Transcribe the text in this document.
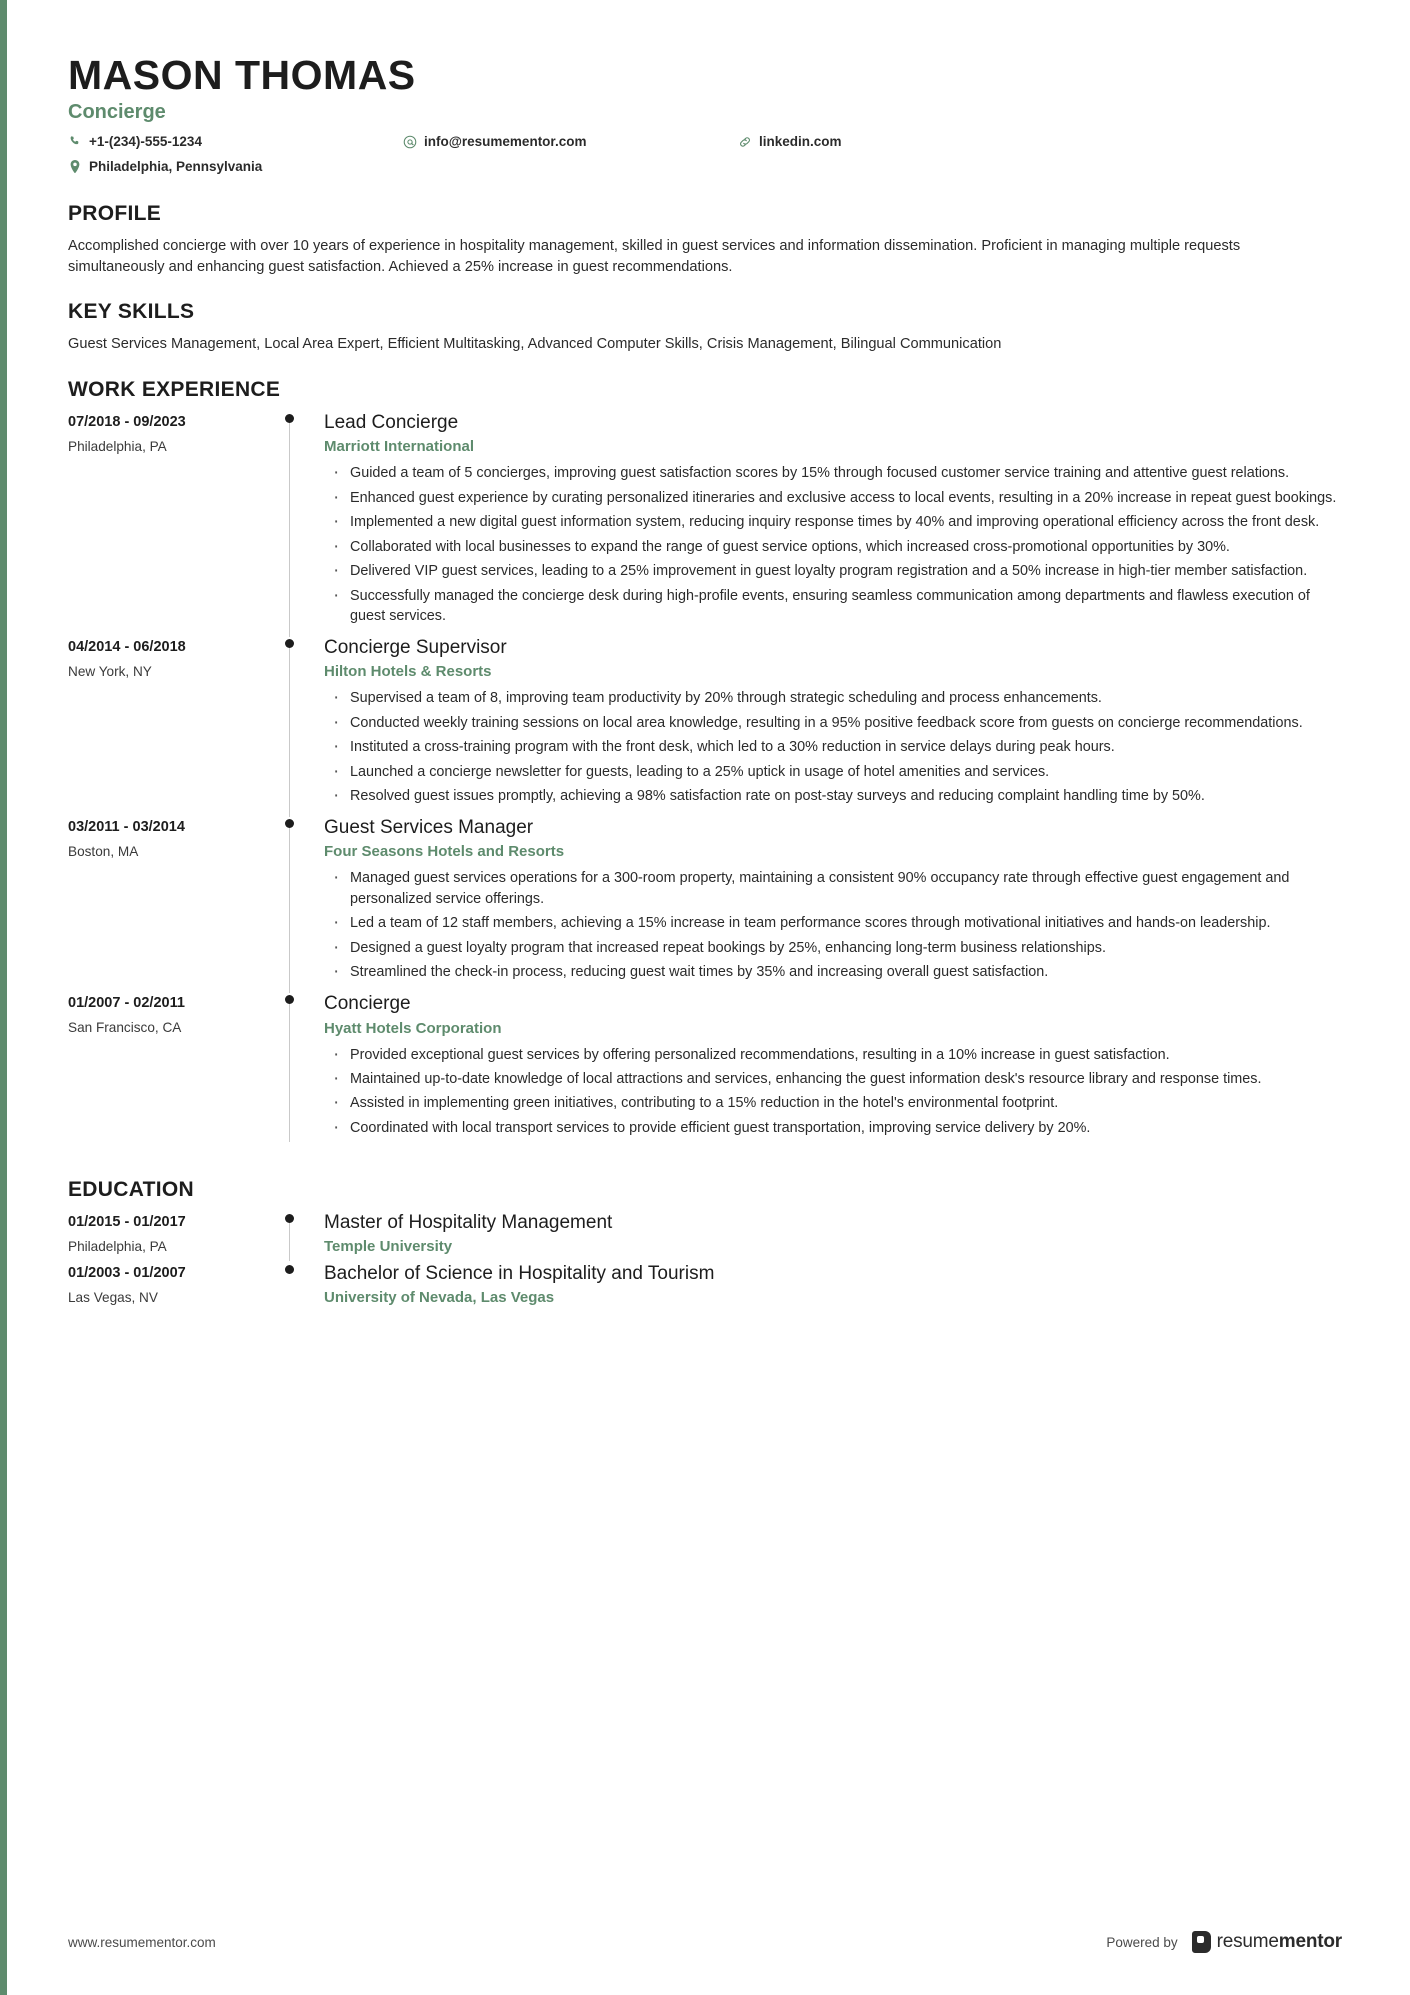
MASON THOMAS
Concierge
+1-(234)-555-1234	info@resumementor.com	linkedin.com
Philadelphia, Pennsylvania
PROFILE

Accomplished concierge with over 10 years of experience in hospitality management, skilled in guest services and information dissemination. Proficient in managing multiple requests simultaneously and enhancing guest satisfaction. Achieved a 25% increase in guest recommendations.

KEY SKILLS

Guest Services Management, Local Area Expert, Efficient Multitasking, Advanced Computer Skills, Crisis Management, Bilingual Communication

WORK EXPERIENCE
07/2018 - 09/2023
Philadelphia, PA
Lead Concierge
Marriott International
· Guided a team of 5 concierges, improving guest satisfaction scores by 15% through focused customer service training and attentive guest relations.
· Enhanced guest experience by curating personalized itineraries and exclusive access to local events, resulting in a 20% increase in repeat guest bookings.
· Implemented a new digital guest information system, reducing inquiry response times by 40% and improving operational efficiency across the front desk.
· Collaborated with local businesses to expand the range of guest service options, which increased cross-promotional opportunities by 30%.
· Delivered VIP guest services, leading to a 25% improvement in guest loyalty program registration and a 50% increase in high-tier member satisfaction.
· Successfully managed the concierge desk during high-profile events, ensuring seamless communication among departments and flawless execution of guest services.
04/2014 - 06/2018
New York, NY
Concierge Supervisor
Hilton Hotels & Resorts
· Supervised a team of 8, improving team productivity by 20% through strategic scheduling and process enhancements.
· Conducted weekly training sessions on local area knowledge, resulting in a 95% positive feedback score from guests on concierge recommendations.
· Instituted a cross-training program with the front desk, which led to a 30% reduction in service delays during peak hours.
· Launched a concierge newsletter for guests, leading to a 25% uptick in usage of hotel amenities and services.
· Resolved guest issues promptly, achieving a 98% satisfaction rate on post-stay surveys and reducing complaint handling time by 50%.
03/2011 - 03/2014
Boston, MA
Guest Services Manager
Four Seasons Hotels and Resorts
· Managed guest services operations for a 300-room property, maintaining a consistent 90% occupancy rate through effective guest engagement and personalized service offerings.
· Led a team of 12 staff members, achieving a 15% increase in team performance scores through motivational initiatives and hands-on leadership.
· Designed a guest loyalty program that increased repeat bookings by 25%, enhancing long-term business relationships.
· Streamlined the check-in process, reducing guest wait times by 35% and increasing overall guest satisfaction.
01/2007 - 02/2011
San Francisco, CA
Concierge
Hyatt Hotels Corporation
· Provided exceptional guest services by offering personalized recommendations, resulting in a 10% increase in guest satisfaction.
· Maintained up-to-date knowledge of local attractions and services, enhancing the guest information desk's resource library and response times.
· Assisted in implementing green initiatives, contributing to a 15% reduction in the hotel's environmental footprint.
· Coordinated with local transport services to provide efficient guest transportation, improving service delivery by 20%.
EDUCATION
01/2015 - 01/2017
Philadelphia, PA
Master of Hospitality Management
Temple University
01/2003 - 01/2007
Las Vegas, NV
Bachelor of Science in Hospitality and Tourism
University of Nevada, Las Vegas
www.resumementor.com	Powered by resumementor
